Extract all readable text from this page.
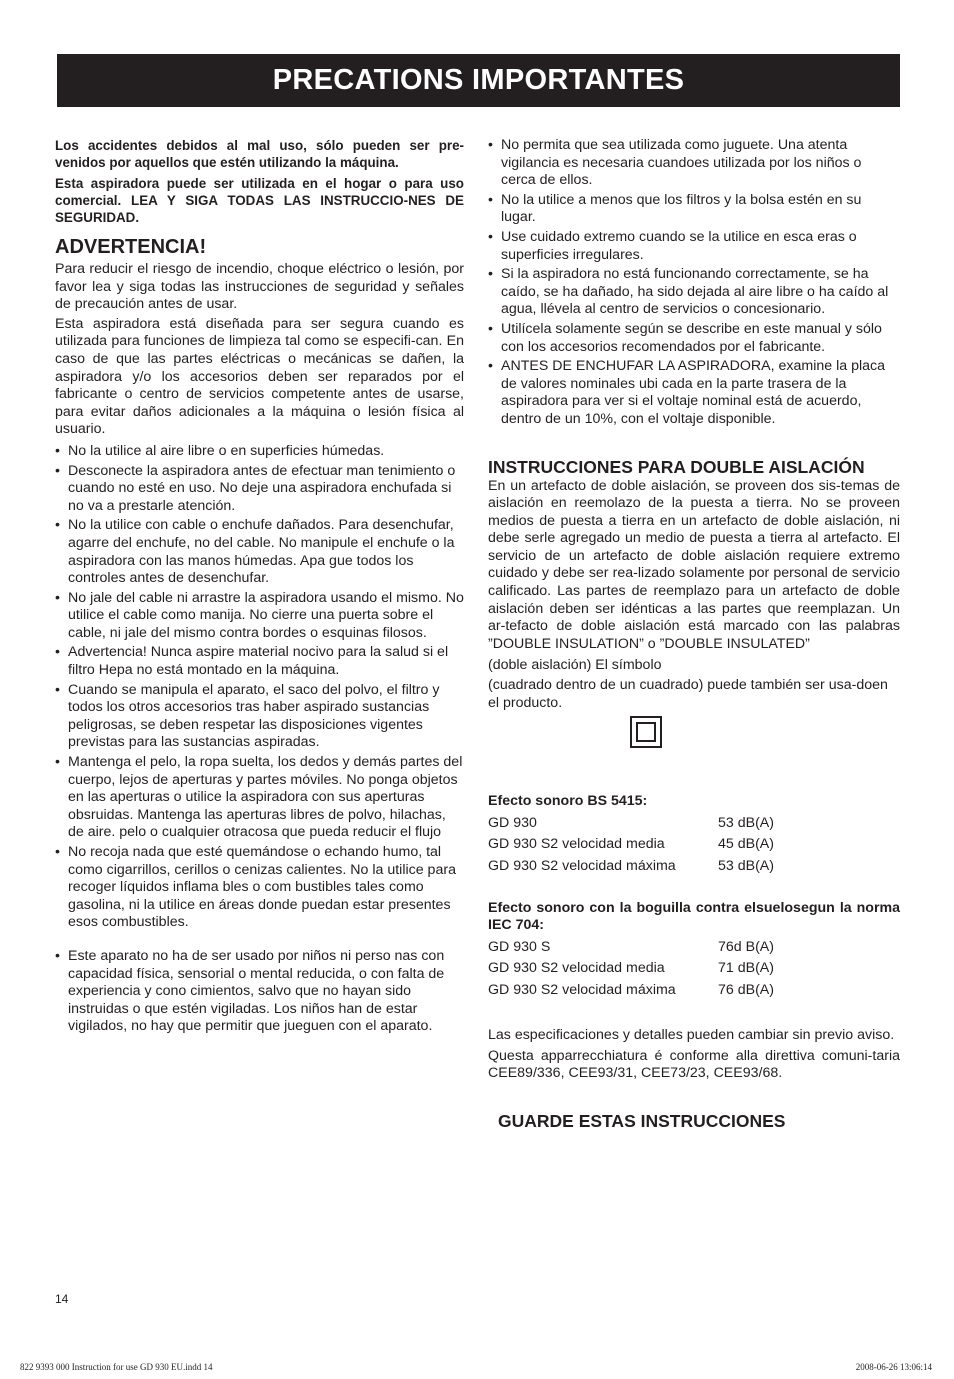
PRECATIONS IMPORTANTES

Los accidentes debidos al mal uso, sólo pueden ser pre-venidos por aquellos que estén utilizando la máquina.

Esta aspiradora puede ser utilizada en el hogar o para uso comercial. LEA Y SIGA TODAS LAS INSTRUCCIO-NES DE SEGURIDAD.

ADVERTENCIA!

Para reducir el riesgo de incendio, choque eléctrico o lesión, por favor lea y siga todas las instrucciones de seguridad y señales de precaución antes de usar.

Esta aspiradora está diseñada para ser segura cuando es utilizada para funciones de limpieza tal como se especifi-can. En caso de que las partes eléctricas o mecánicas se dañen, la aspiradora y/o los accesorios deben ser reparados por el fabricante o centro de servicios competente antes de usarse, para evitar daños adicionales a la máquina o lesión física al usuario.

• No la utilice al aire libre o en superficies húmedas.
• Desconecte la aspiradora antes de efectuar man tenimiento o cuando no esté en uso. No deje una aspiradora enchufada si no va a prestarle atención.
• No la utilice con cable o enchufe dañados. Para desenchufar, agarre del enchufe, no del cable. No manipule el enchufe o la aspiradora con las manos húmedas. Apa gue todos los controles antes de desenchufar.
• No jale del cable ni arrastre la aspiradora usando el mismo. No utilice el cable como manija. No cierre una puerta sobre el cable, ni jale del mismo contra bordes o esquinas filosos.
• Advertencia! Nunca aspire material nocivo para la salud si el filtro Hepa no está montado en la máquina.
• Cuando se manipula el aparato, el saco del polvo, el filtro y todos los otros accesorios tras haber aspirado sustancias peligrosas, se deben respetar las disposiciones vigentes previstas para las sustancias aspiradas.
• Mantenga el pelo, la ropa suelta, los dedos y demás partes del cuerpo, lejos de aperturas y partes móviles. No ponga objetos en las aperturas o utilice la aspiradora con sus aperturas obsruidas. Mantenga las aperturas libres de polvo, hilachas, de aire. pelo o cualquier otracosa que pueda reducir el flujo
• No recoja nada que esté quemándose o echando humo, tal como cigarrillos, cerillos o cenizas calientes. No la utilice para recoger líquidos inflama bles o com bustibles tales como gasolina, ni la utilice en áreas donde puedan estar presentes esos combustibles.
• Este aparato no ha de ser usado por niños ni perso nas con capacidad física, sensorial o mental reducida, o con falta de experiencia y cono cimientos, salvo que no hayan sido instruidas o que estén vigiladas. Los niños han de estar vigilados, no hay que permitir que jueguen con el aparato.
• No permita que sea utilizada como juguete. Una atenta vigilancia es necesaria cuandoes utilizada por los niños o cerca de ellos.
• No la utilice a menos que los filtros y la bolsa estén en su lugar.
• Use cuidado extremo cuando se la utilice en esca eras o superficies irregulares.
• Si la aspiradora no está funcionando correctamente, se ha caído, se ha dañado, ha sido dejada al aire libre o ha caído al agua, llévela al centro de servicios o concesionario.
• Utilícela solamente según se describe en este manual y sólo con los accesorios recomendados por el fabricante.
• ANTES DE ENCHUFAR LA ASPIRADORA, examine la placa de valores nominales ubi cada en la parte trasera de la aspiradora para ver si el voltaje nominal está de acuerdo, dentro de un 10%, con el voltaje disponible.
INSTRUCCIONES PARA DOUBLE AISLACIÓN

En un artefacto de doble aislación, se proveen dos sis-temas de aislación en reemolazo de la puesta a tierra. No se proveen medios de puesta a tierra en un artefacto de doble aislación, ni debe serle agregado un medio de puesta a tierra al artefacto. El servicio de un artefacto de doble aislación requiere extremo cuidado y debe ser rea-lizado solamente por personal de servicio calificado. Las partes de reemplazo para un artefacto de doble aislación deben ser idénticas a las partes que reemplazan. Un ar-tefacto de doble aislación está marcado con las palabras ”DOUBLE INSULATION” o ”DOUBLE INSULATED”

(doble aislación) El símbolo

(cuadrado dentro de un cuadrado) puede también ser usa-doen el producto.

Efecto sonoro BS 5415:

GD 930	53 dB(A)
GD 930 S2 velocidad media	45 dB(A)
GD 930 S2 velocidad máxima	53 dB(A)

Efecto sonoro con la boguilla contra elsuelosegun la norma IEC 704:

GD 930 S	76d B(A)
GD 930 S2 velocidad media	71 dB(A)
GD 930 S2 velocidad máxima	76 dB(A)

Las especificaciones y detalles pueden cambiar sin previo aviso.

Questa apparrecchiatura é conforme alla direttiva comuni-taria CEE89/336, CEE93/31, CEE73/23, CEE93/68.

GUARDE ESTAS INSTRUCCIONES
14
822 9393 000 Instruction for use GD 930 EU.indd 14	2008-06-26 13:06:14
